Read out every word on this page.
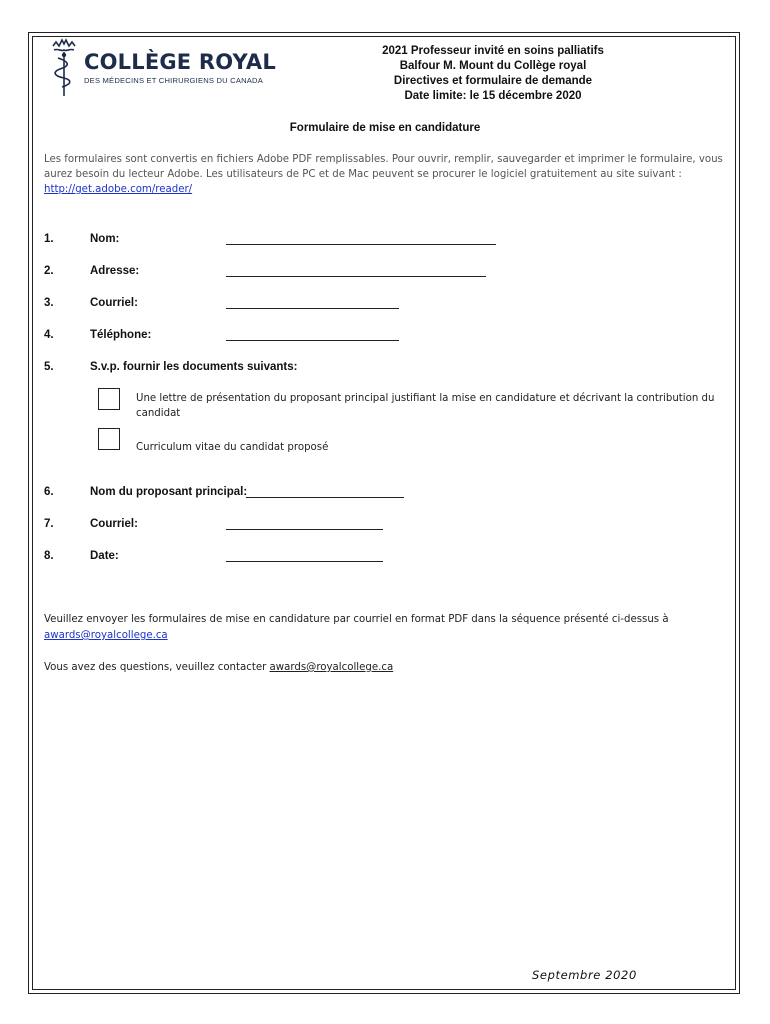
COLLÈGE ROYAL
DES MÉDECINS ET CHIRURGIENS DU CANADA
2021 Professeur invité en soins palliatifs
Balfour M. Mount du Collège royal
Directives et formulaire de demande
Date limite: le 15 décembre 2020
Formulaire de mise en candidature
Les formulaires sont convertis en fichiers Adobe PDF remplissables. Pour ouvrir, remplir, sauvegarder et imprimer le formulaire, vous aurez besoin du lecteur Adobe. Les utilisateurs de PC et de Mac peuvent se procurer le logiciel gratuitement au site suivant : http://get.adobe.com/reader/
1.	Nom:
2.	Adresse:
3.	Courriel:
4.	Téléphone:
5.	S.v.p. fournir les documents suivants:
Une lettre de présentation du proposant principal justifiant la mise en candidature et décrivant la contribution du candidat
Curriculum vitae du candidat proposé
6.	Nom du proposant principal:
7.	Courriel:
8.	Date:
Veuillez envoyer les formulaires de mise en candidature par courriel en format PDF dans la séquence présenté ci-dessus à awards@royalcollege.ca
Vous avez des questions, veuillez contacter awards@royalcollege.ca
Septembre 2020
